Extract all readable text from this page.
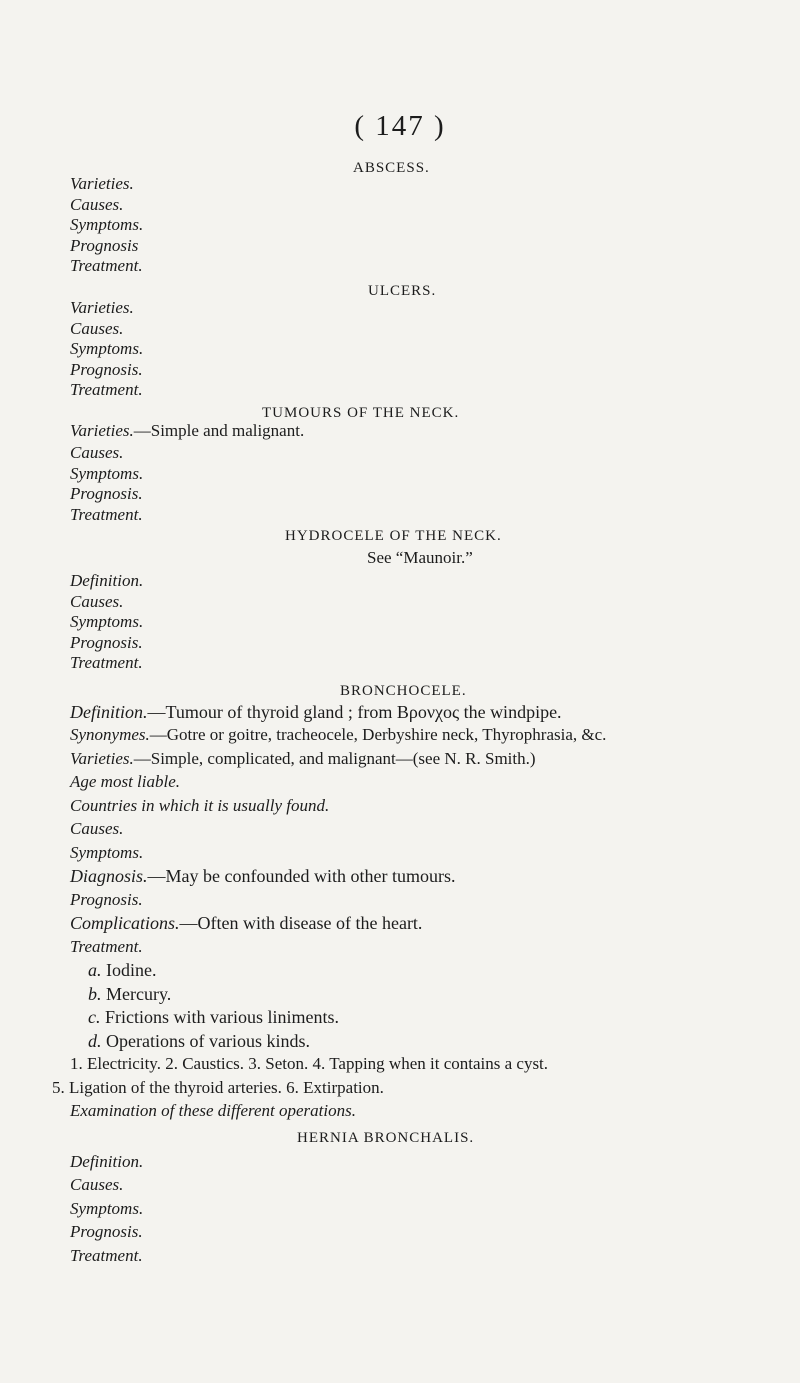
( 147 )
ABSCESS.
Varieties.
Causes.
Symptoms.
Prognosis
Treatment.
ULCERS.
Varieties.
Causes.
Symptoms.
Prognosis.
Treatment.
TUMOURS OF THE NECK.
Varieties.—Simple and malignant.
Causes.
Symptoms.
Prognosis.
Treatment.
HYDROCELE OF THE NECK.
See “Maunoir.”
Definition.
Causes.
Symptoms.
Prognosis.
Treatment.
BRONCHOCELE.
Definition.—Tumour of thyroid gland ; from Βρoνχoς the windpipe.
Synonymes.—Gotre or goitre, tracheocele, Derbyshire neck, Thyrophrasia, &c.
Varieties.—Simple, complicated, and malignant—(see N. R. Smith.)
Age most liable.
Countries in which it is usually found.
Causes.
Symptoms.
Diagnosis.—May be confounded with other tumours.
Prognosis.
Complications.—Often with disease of the heart.
Treatment.
a. Iodine.
b. Mercury.
c. Frictions with various liniments.
d. Operations of various kinds.
1. Electricity. 2. Caustics. 3. Seton. 4. Tapping when it contains a cyst.
5. Ligation of the thyroid arteries. 6. Extirpation.
Examination of these different operations.
HERNIA BRONCHALIS.
Definition.
Causes.
Symptoms.
Prognosis.
Treatment.
